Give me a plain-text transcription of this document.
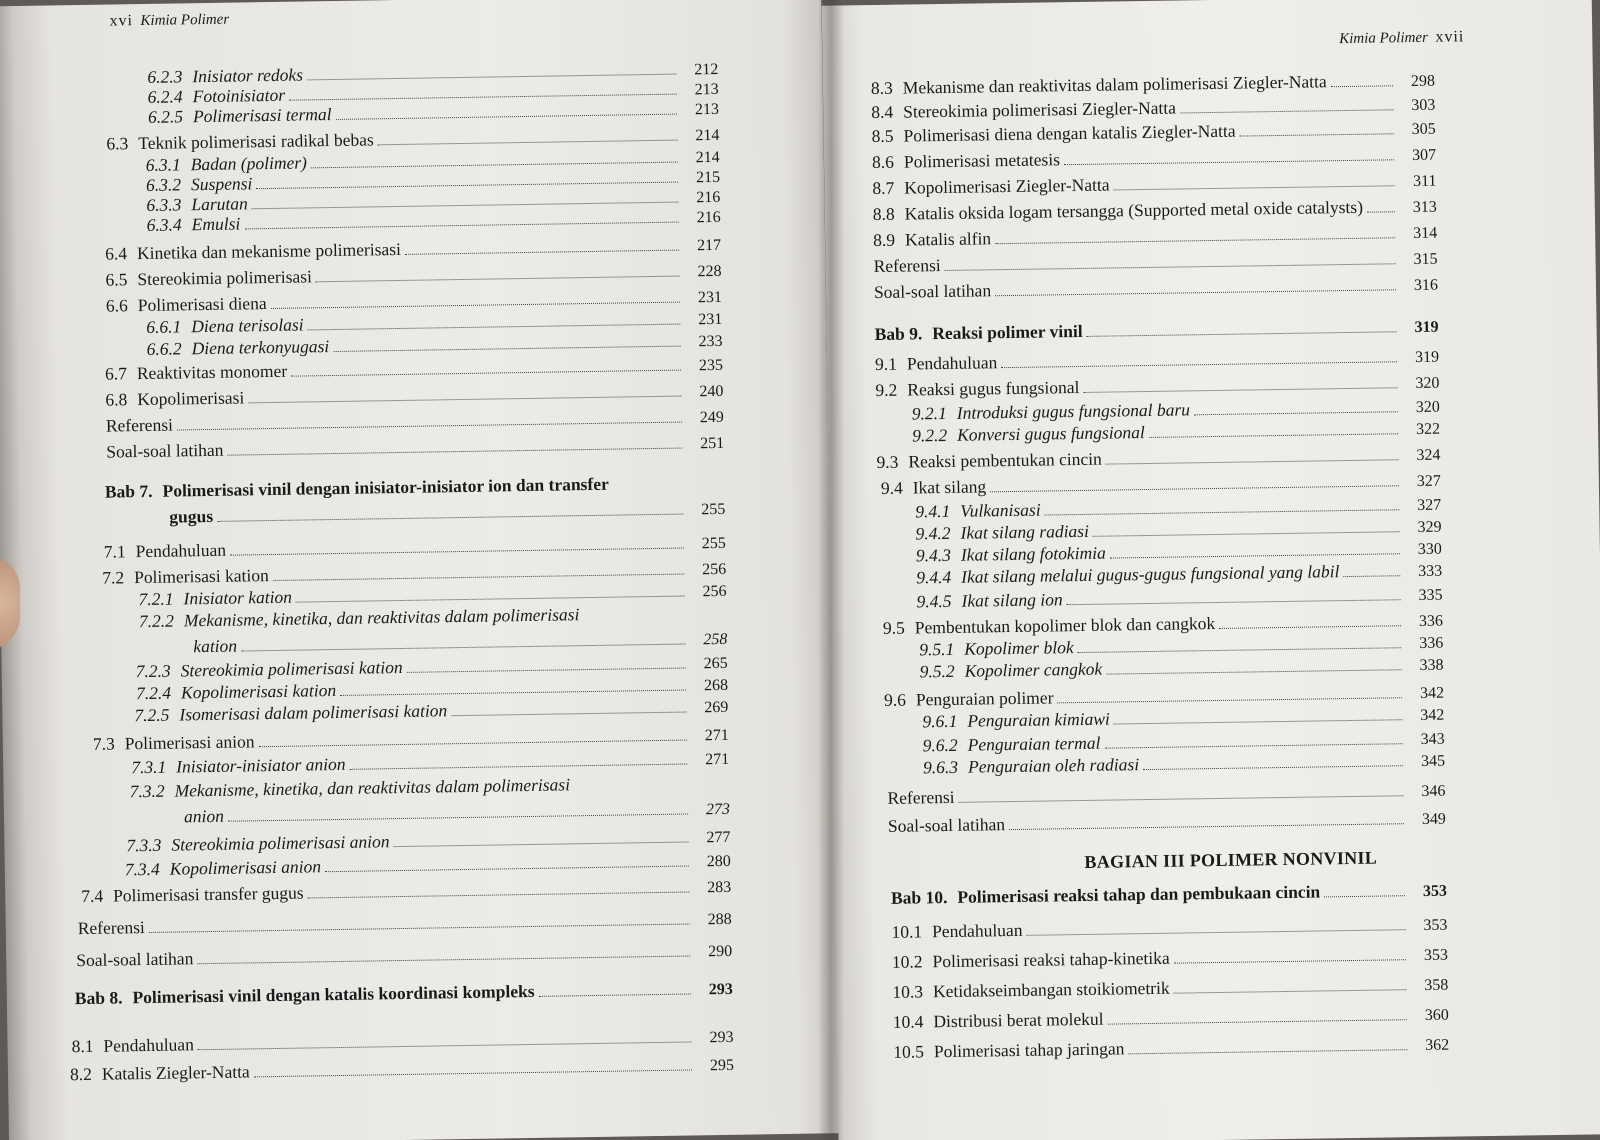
xvi Kimia Polimer
6.2.3 Inisiator redoks	212
6.2.4 Fotoinisiator	213
6.2.5 Polimerisasi termal	213
6.3 Teknik polimerisasi radikal bebas	214
6.3.1 Badan (polimer)	214
6.3.2 Suspensi	215
6.3.3 Larutan	216
6.3.4 Emulsi	216
6.4 Kinetika dan mekanisme polimerisasi	217
6.5 Stereokimia polimerisasi	228
6.6 Polimerisasi diena	231
6.6.1 Diena terisolasi	231
6.6.2 Diena terkonyugasi	233
6.7 Reaktivitas monomer	235
6.8 Kopolimerisasi	240
Referensi	249
Soal-soal latihan	251
Bab 7. Polimerisasi vinil dengan inisiator-inisiator ion dan transfer
gugus	255
7.1 Pendahuluan	255
7.2 Polimerisasi kation	256
7.2.1 Inisiator kation	256
7.2.2 Mekanisme, kinetika, dan reaktivitas dalam polimerisasi
kation	258
7.2.3 Stereokimia polimerisasi kation	265
7.2.4 Kopolimerisasi kation	268
7.2.5 Isomerisasi dalam polimerisasi kation	269
7.3 Polimerisasi anion	271
7.3.1 Inisiator-inisiator anion	271
7.3.2 Mekanisme, kinetika, dan reaktivitas dalam polimerisasi
anion	273
7.3.3 Stereokimia polimerisasi anion	277
7.3.4 Kopolimerisasi anion	280
7.4 Polimerisasi transfer gugus	283
Referensi	288
Soal-soal latihan	290
Bab 8. Polimerisasi vinil dengan katalis koordinasi kompleks	293
8.1 Pendahuluan	293
8.2 Katalis Ziegler-Natta	295
Kimia Polimer xvii
8.3 Mekanisme dan reaktivitas dalam polimerisasi Ziegler-Natta	298
8.4 Stereokimia polimerisasi Ziegler-Natta	303
8.5 Polimerisasi diena dengan katalis Ziegler-Natta	305
8.6 Polimerisasi metatesis	307
8.7 Kopolimerisasi Ziegler-Natta	311
8.8 Katalis oksida logam tersangga (Supported metal oxide catalysts)	313
8.9 Katalis alfin	314
Referensi	315
Soal-soal latihan	316
Bab 9. Reaksi polimer vinil	319
9.1 Pendahuluan	319
9.2 Reaksi gugus fungsional	320
9.2.1 Introduksi gugus fungsional baru	320
9.2.2 Konversi gugus fungsional	322
9.3 Reaksi pembentukan cincin	324
9.4 Ikat silang	327
9.4.1 Vulkanisasi	327
9.4.2 Ikat silang radiasi	329
9.4.3 Ikat silang fotokimia	330
9.4.4 Ikat silang melalui gugus-gugus fungsional yang labil	333
9.4.5 Ikat silang ion	335
9.5 Pembentukan kopolimer blok dan cangkok	336
9.5.1 Kopolimer blok	336
9.5.2 Kopolimer cangkok	338
9.6 Penguraian polimer	342
9.6.1 Penguraian kimiawi	342
9.6.2 Penguraian termal	343
9.6.3 Penguraian oleh radiasi	345
Referensi	346
Soal-soal latihan	349
Bab 10. Polimerisasi reaksi tahap dan pembukaan cincin	353
10.1 Pendahuluan	353
10.2 Polimerisasi reaksi tahap-kinetika	353
10.3 Ketidakseimbangan stoikiometrik	358
10.4 Distribusi berat molekul	360
10.5 Polimerisasi tahap jaringan	362
BAGIAN III POLIMER NONVINIL
